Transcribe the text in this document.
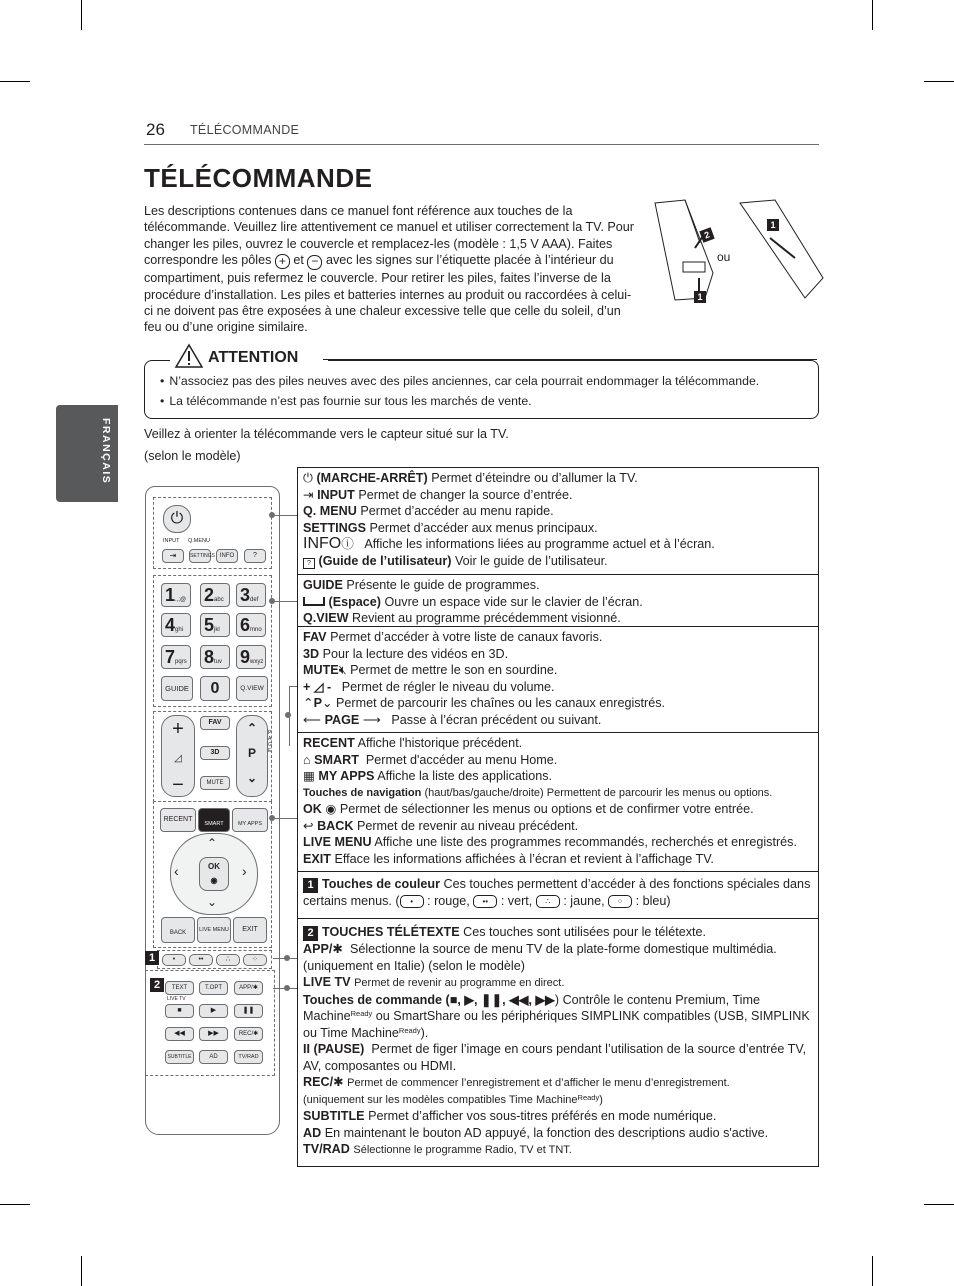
26 TÉLÉCOMMANDE
FRANÇAIS
TÉLÉCOMMANDE
Les descriptions contenues dans ce manuel font référence aux touches de la télécommande. Veuillez lire attentivement ce manuel et utiliser correctement la TV. Pour changer les piles, ouvrez le couvercle et remplacez-les (modèle : 1,5 V AAA). Faites correspondre les pôles + et − avec les signes sur l’étiquette placée à l’intérieur du compartiment, puis refermez le couvercle. Pour retirer les piles, faites l’inverse de la procédure d’installation. Les piles et batteries internes au produit ou raccordées à celui-ci ne doivent pas être exposées à une chaleur excessive telle que celle du soleil, d’un feu ou d’une origine similaire.
2
1
1
ou
ATTENTION
• N’associez pas des piles neuves avec des piles anciennes, car cela pourrait endommager la télécommande.
• La télécommande n’est pas fournie sur tous les marchés de vente.
Veillez à orienter la télécommande vers le capteur situé sur la TV.
(selon le modèle)
⏻ (MARCHE-ARRÊT) Permet d’éteindre ou d’allumer la TV.
⇥ INPUT Permet de changer la source d’entrée.
Q. MENU Permet d’accéder au menu rapide.
SETTINGS Permet d’accéder aux menus principaux.
INFOⓘ Affiche les informations liées au programme actuel et à l’écran.
? (Guide de l’utilisateur) Voir le guide de l’utilisateur.
GUIDE Présente le guide de programmes.
(Espace) Ouvre un espace vide sur le clavier de l’écran.
Q.VIEW Revient au programme précédemment visionné.
FAV Permet d’accéder à votre liste de canaux favoris.
3D Pour la lecture des vidéos en 3D.
MUTE🔇︎ Permet de mettre le son en sourdine.
+ ◿ - Permet de régler le niveau du volume.
⌃P⌄ Permet de parcourir les chaînes ou les canaux enregistrés.
⟵ PAGE ⟶ Passe à l’écran précédent ou suivant.
RECENT Affiche l'historique précédent.
⌂ SMART Permet d'accéder au menu Home.
▦ MY APPS Affiche la liste des applications.
Touches de navigation (haut/bas/gauche/droite) Permettent de parcourir les menus ou options.
OK ◉ Permet de sélectionner les menus ou options et de confirmer votre entrée.
↩ BACK Permet de revenir au niveau précédent.
LIVE MENU Affiche une liste des programmes recommandés, recherchés et enregistrés.
EXIT Efface les informations affichées à l’écran et revient à l’affichage TV.
1 Touches de couleur Ces touches permettent d’accéder à des fonctions spéciales dans certains menus. ( • : rouge, •• : vert, ∴ : jaune, ⁘ : bleu)
2 TOUCHES TÉLÉTEXTE Ces touches sont utilisées pour le télétexte.
APP/✱ Sélectionne la source de menu TV de la plate-forme domestique multimédia. (uniquement en Italie) (selon le modèle)
LIVE TV Permet de revenir au programme en direct.
Touches de commande (■, ▶, ❚❚, ◀◀, ▶▶) Contrôle le contenu Premium, Time Machine$^{Ready}$ ou SmartShare ou les périphériques SIMPLINK compatibles (USB, SIMPLINK ou Time Machine$^{Ready}$).
II (PAUSE) Permet de figer l’image en cours pendant l’utilisation de la source d’entrée TV, AV, composantes ou HDMI.
REC/✱ Permet de commencer l’enregistrement et d’afficher le menu d’enregistrement.
(uniquement sur les modèles compatibles Time Machine$^{Ready}$)
SUBTITLE Permet d’afficher vos sous-titres préférés en mode numérique.
AD En maintenant le bouton AD appuyé, la fonction des descriptions audio s'active.
TV/RAD Sélectionne le programme Radio, TV et TNT.
⏻
INPUT Q.MENU
⇥	SETTINGS INFO	?
1.,;@ 2abc 3def
4ghi	5jkl	6mno
7pqrs 8tuv 9wxyz
GUIDE	0	Q.VIEW
+
◿
−
FAV
3D
MUTE
⌃
P
⌄
PAGE
RECENT
SMART	MY APPS
OK
◉
⌃
⌄
‹	›
BACK	LIVE MENU	EXIT
•	••	∴	⁘
1
2	TEXT	T.OPT	APP/✱
LIVE TV
■	▶	❚❚
◀◀	▶▶	REC/✱
SUBTITLE	AD	TV/RAD
